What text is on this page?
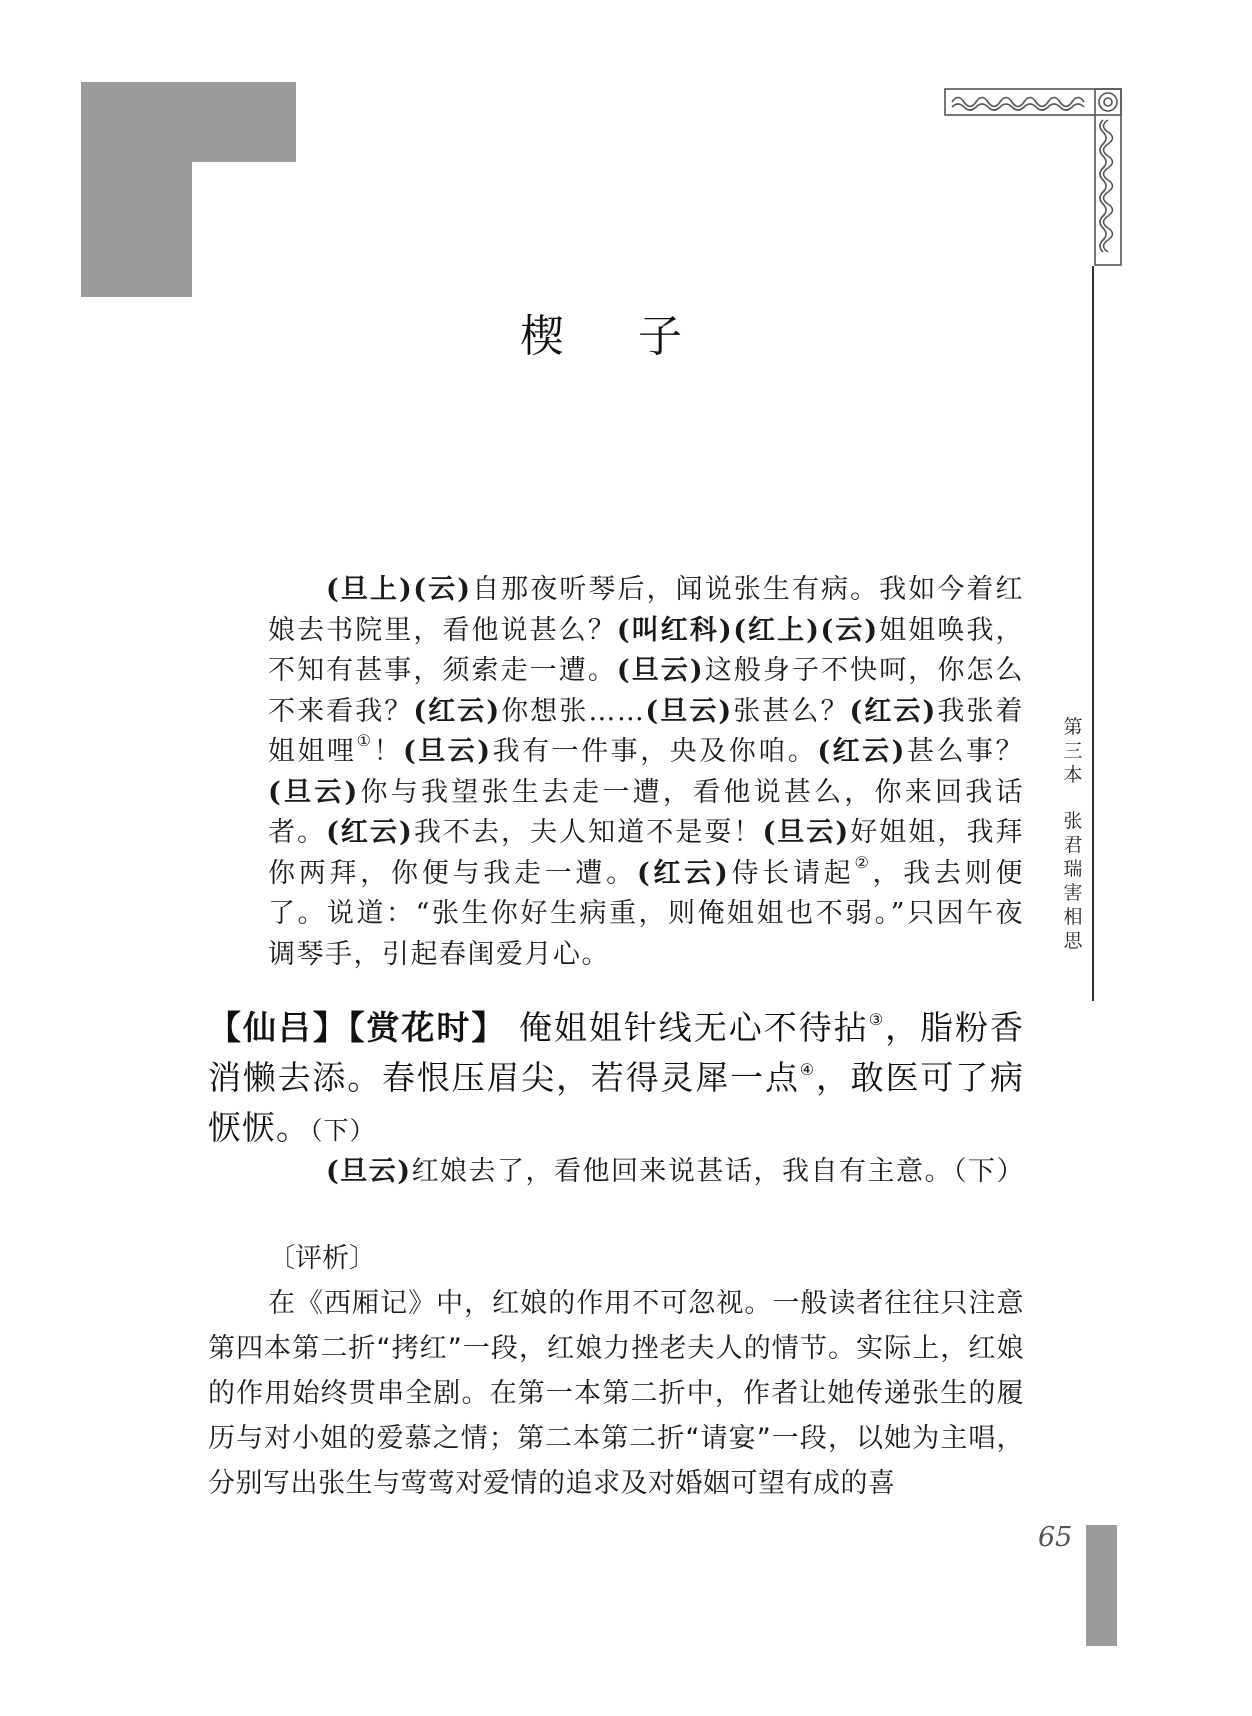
第三本
张君瑞害相思
楔子

(旦上)(云)自那夜听琴后，闻说张生有病。我如今着红娘去书院里，看他说甚么？(叫红科)(红上)(云)姐姐唤我，不知有甚事，须索走一遭。(旦云)这般身子不快呵，你怎么不来看我？(红云)你想张……(旦云)张甚么？(红云)我张着姐姐哩①！(旦云)我有一件事，央及你咱。(红云)甚么事？(旦云)你与我望张生去走一遭，看他说甚么，你来回我话者。(红云)我不去，夫人知道不是耍！(旦云)好姐姐，我拜你两拜，你便与我走一遭。(红云)侍长请起②，我去则便了。说道：“张生你好生病重，则俺姐姐也不弱。”只因午夜调琴手，引起春闺爱月心。

【仙吕】【赏花时】 俺姐姐针线无心不待拈③，脂粉香消懒去添。春恨压眉尖，若得灵犀一点④，敢医可了病恹恹。（下）
(旦云)红娘去了，看他回来说甚话，我自有主意。（下）

〔评析〕

在《西厢记》中，红娘的作用不可忽视。一般读者往往只注意第四本第二折“拷红”一段，红娘力挫老夫人的情节。实际上，红娘的作用始终贯串全剧。在第一本第二折中，作者让她传递张生的履历与对小姐的爱慕之情；第二本第二折“请宴”一段，以她为主唱，分别写出张生与莺莺对爱情的追求及对婚姻可望有成的喜

65
